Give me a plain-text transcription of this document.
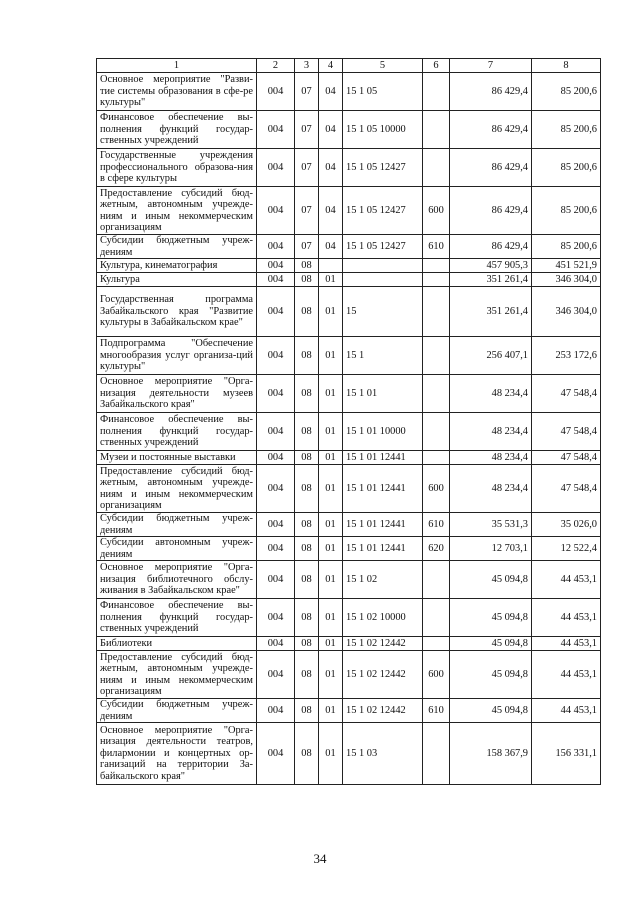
1	2	3	4	5	6	7	8
Основное мероприятие "Разви-тие системы образования в сфе-ре культуры"	004	07	04	15 1 05		86 429,4	85 200,6
Финансовое обеспечение вы-полнения функций государ-ственных учреждений	004	07	04	15 1 05 10000		86 429,4	85 200,6
Государственные учреждения профессионального образова-ния в сфере культуры	004	07	04	15 1 05 12427		86 429,4	85 200,6
Предоставление субсидий бюд-жетным, автономным учрежде-ниям и иным некоммерческим организациям	004	07	04	15 1 05 12427	600	86 429,4	85 200,6
Субсидии бюджетным учреж-дениям	004	07	04	15 1 05 12427	610	86 429,4	85 200,6
Культура, кинематография	004	08				457 905,3	451 521,9
Культура	004	08	01			351 261,4	346 304,0
Государственная программа Забайкальского края "Развитие культуры в Забайкальском крае"	004	08	01	15		351 261,4	346 304,0
Подпрограмма "Обеспечение многообразия услуг организа-ций культуры"	004	08	01	15 1		256 407,1	253 172,6
Основное мероприятие "Орга-низация деятельности музеев Забайкальского края"	004	08	01	15 1 01		48 234,4	47 548,4
Финансовое обеспечение вы-полнения функций государ-ственных учреждений	004	08	01	15 1 01 10000		48 234,4	47 548,4
Музеи и постоянные выставки	004	08	01	15 1 01 12441		48 234,4	47 548,4
Предоставление субсидий бюд-жетным, автономным учрежде-ниям и иным некоммерческим организациям	004	08	01	15 1 01 12441	600	48 234,4	47 548,4
Субсидии бюджетным учреж-дениям	004	08	01	15 1 01 12441	610	35 531,3	35 026,0
Субсидии автономным учреж-дениям	004	08	01	15 1 01 12441	620	12 703,1	12 522,4
Основное мероприятие "Орга-низация библиотечного обслу-живания в Забайкальском крае"	004	08	01	15 1 02		45 094,8	44 453,1
Финансовое обеспечение вы-полнения функций государ-ственных учреждений	004	08	01	15 1 02 10000		45 094,8	44 453,1
Библиотеки	004	08	01	15 1 02 12442		45 094,8	44 453,1
Предоставление субсидий бюд-жетным, автономным учрежде-ниям и иным некоммерческим организациям	004	08	01	15 1 02 12442	600	45 094,8	44 453,1
Субсидии бюджетным учреж-дениям	004	08	01	15 1 02 12442	610	45 094,8	44 453,1
Основное мероприятие "Орга-низация деятельности театров, филармонии и концертных ор-ганизаций на территории За-байкальского края"	004	08	01	15 1 03		158 367,9	156 331,1
34
